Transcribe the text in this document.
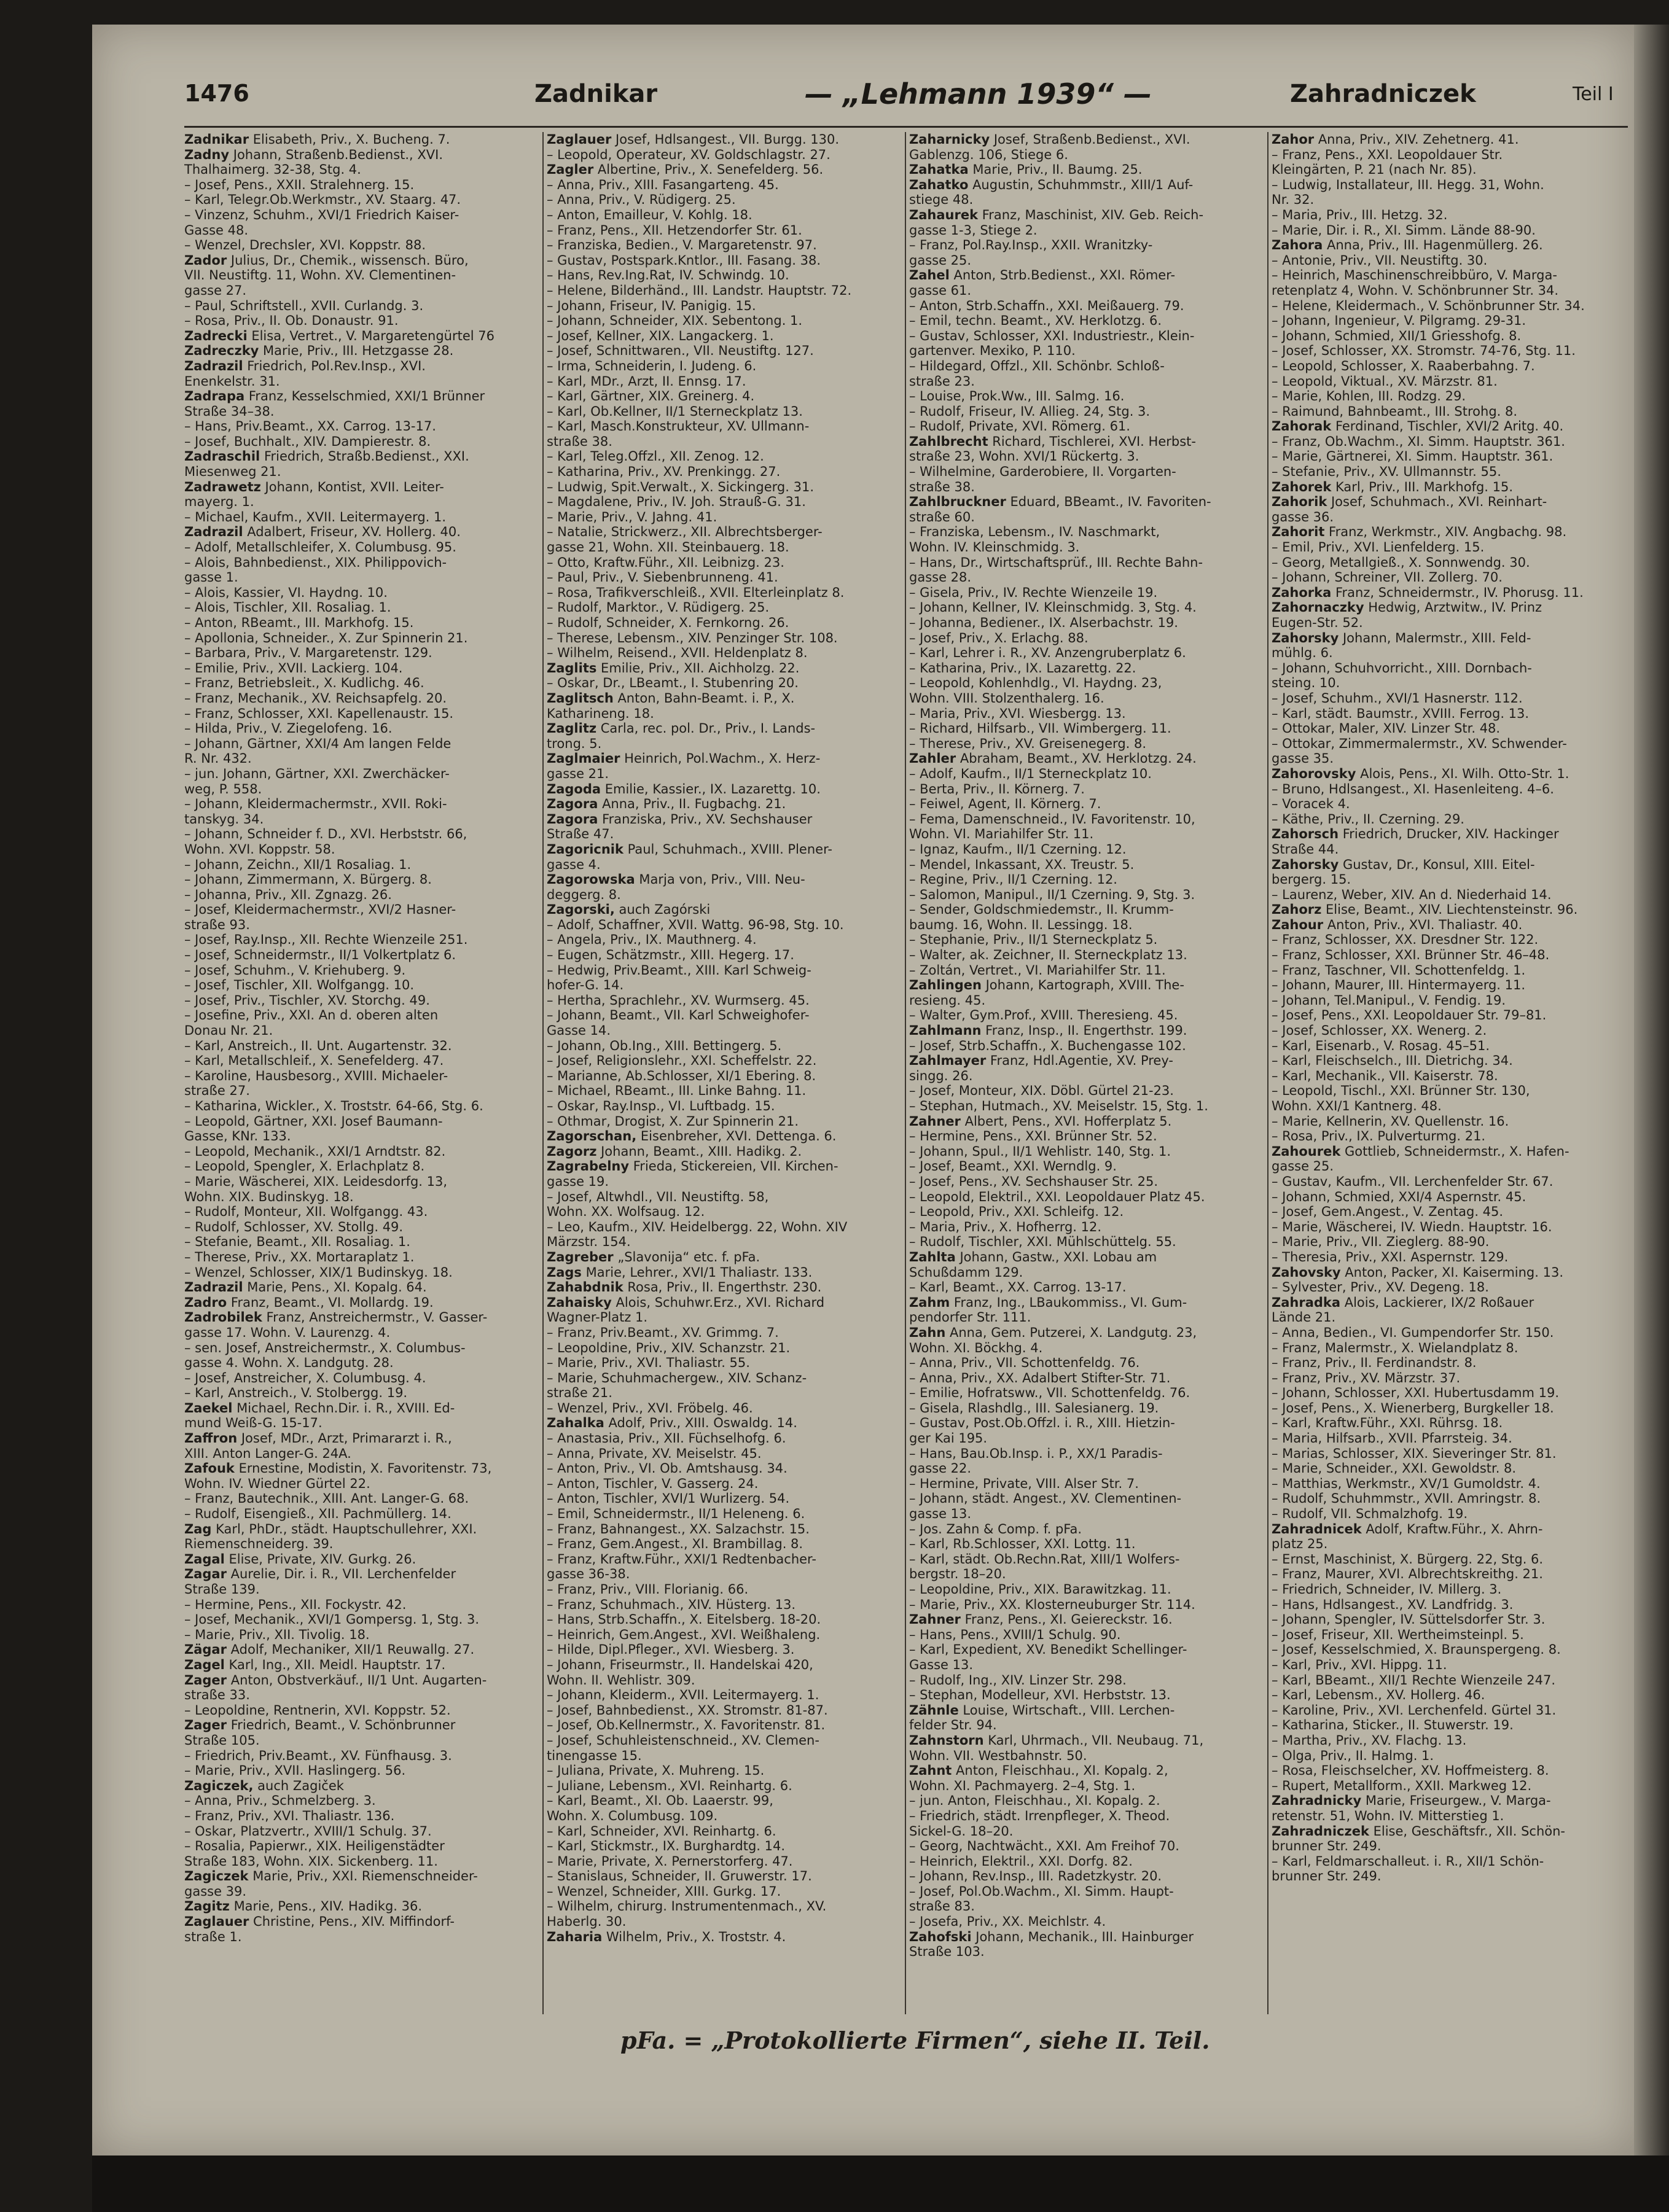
1476	Zadnikar	— „Lehmann 1939“ —	Zahradniczek	Teil I
Zadnikar Elisabeth, Priv., X. Bucheng. 7.
Zadny Johann, Straßenb.Bedienst., XVI.
Thalhaimerg. 32-38, Stg. 4.
– Josef, Pens., XXII. Stralehnerg. 15.
– Karl, Telegr.Ob.Werkmstr., XV. Staarg. 47.
– Vinzenz, Schuhm., XVI/1 Friedrich Kaiser-
Gasse 48.
– Wenzel, Drechsler, XVI. Koppstr. 88.
Zador Julius, Dr., Chemik., wissensch. Büro,
VII. Neustiftg. 11, Wohn. XV. Clementinen-
gasse 27.
– Paul, Schriftstell., XVII. Curlandg. 3.
– Rosa, Priv., II. Ob. Donaustr. 91.
Zadrecki Elisa, Vertret., V. Margaretengürtel 76
Zadreczky Marie, Priv., III. Hetzgasse 28.
Zadrazil Friedrich, Pol.Rev.Insp., XVI.
Enenkelstr. 31.
Zadrapa Franz, Kesselschmied, XXI/1 Brünner
Straße 34–38.
– Hans, Priv.Beamt., XX. Carrog. 13-17.
– Josef, Buchhalt., XIV. Dampierestr. 8.
Zadraschil Friedrich, Straßb.Bedienst., XXI.
Miesenweg 21.
Zadrawetz Johann, Kontist, XVII. Leiter-
mayerg. 1.
– Michael, Kaufm., XVII. Leitermayerg. 1.
Zadrazil Adalbert, Friseur, XV. Hollerg. 40.
– Adolf, Metallschleifer, X. Columbusg. 95.
– Alois, Bahnbedienst., XIX. Philippovich-
gasse 1.
– Alois, Kassier, VI. Haydng. 10.
– Alois, Tischler, XII. Rosaliag. 1.
– Anton, RBeamt., III. Markhofg. 15.
– Apollonia, Schneider., X. Zur Spinnerin 21.
– Barbara, Priv., V. Margaretenstr. 129.
– Emilie, Priv., XVII. Lackierg. 104.
– Franz, Betriebsleit., X. Kudlichg. 46.
– Franz, Mechanik., XV. Reichsapfelg. 20.
– Franz, Schlosser, XXI. Kapellenaustr. 15.
– Hilda, Priv., V. Ziegelofeng. 16.
– Johann, Gärtner, XXI/4 Am langen Felde
R. Nr. 432.
– jun. Johann, Gärtner, XXI. Zwerchäcker-
weg, P. 558.
– Johann, Kleidermachermstr., XVII. Roki-
tanskyg. 34.
– Johann, Schneider f. D., XVI. Herbststr. 66,
Wohn. XVI. Koppstr. 58.
– Johann, Zeichn., XII/1 Rosaliag. 1.
– Johann, Zimmermann, X. Bürgerg. 8.
– Johanna, Priv., XII. Zgnazg. 26.
– Josef, Kleidermachermstr., XVI/2 Hasner-
straße 93.
– Josef, Ray.Insp., XII. Rechte Wienzeile 251.
– Josef, Schneidermstr., II/1 Volkertplatz 6.
– Josef, Schuhm., V. Kriehuberg. 9.
– Josef, Tischler, XII. Wolfgangg. 10.
– Josef, Priv., Tischler, XV. Storchg. 49.
– Josefine, Priv., XXI. An d. oberen alten
Donau Nr. 21.
– Karl, Anstreich., II. Unt. Augartenstr. 32.
– Karl, Metallschleif., X. Senefelderg. 47.
– Karoline, Hausbesorg., XVIII. Michaeler-
straße 27.
– Katharina, Wickler., X. Troststr. 64-66, Stg. 6.
– Leopold, Gärtner, XXI. Josef Baumann-
Gasse, KNr. 133.
– Leopold, Mechanik., XXI/1 Arndtstr. 82.
– Leopold, Spengler, X. Erlachplatz 8.
– Marie, Wäscherei, XIX. Leidesdorfg. 13,
Wohn. XIX. Budinskyg. 18.
– Rudolf, Monteur, XII. Wolfgangg. 43.
– Rudolf, Schlosser, XV. Stollg. 49.
– Stefanie, Beamt., XII. Rosaliag. 1.
– Therese, Priv., XX. Mortaraplatz 1.
– Wenzel, Schlosser, XIX/1 Budinskyg. 18.
Zadrazil Marie, Pens., XI. Kopalg. 64.
Zadro Franz, Beamt., VI. Mollardg. 19.
Zadrobilek Franz, Anstreichermstr., V. Gasser-
gasse 17. Wohn. V. Laurenzg. 4.
– sen. Josef, Anstreichermstr., X. Columbus-
gasse 4. Wohn. X. Landgutg. 28.
– Josef, Anstreicher, X. Columbusg. 4.
– Karl, Anstreich., V. Stolbergg. 19.
Zaekel Michael, Rechn.Dir. i. R., XVIII. Ed-
mund Weiß-G. 15-17.
Zaffron Josef, MDr., Arzt, Primararzt i. R.,
XIII. Anton Langer-G. 24A.
Zafouk Ernestine, Modistin, X. Favoritenstr. 73,
Wohn. IV. Wiedner Gürtel 22.
– Franz, Bautechnik., XIII. Ant. Langer-G. 68.
– Rudolf, Eisengieß., XII. Pachmüllerg. 14.
Zag Karl, PhDr., städt. Hauptschullehrer, XXI.
Riemenschneiderg. 39.
Zagal Elise, Private, XIV. Gurkg. 26.
Zagar Aurelie, Dir. i. R., VII. Lerchenfelder
Straße 139.
– Hermine, Pens., XII. Fockystr. 42.
– Josef, Mechanik., XVI/1 Gompersg. 1, Stg. 3.
– Marie, Priv., XII. Tivolig. 18.
Zägar Adolf, Mechaniker, XII/1 Reuwallg. 27.
Zagel Karl, Ing., XII. Meidl. Hauptstr. 17.
Zager Anton, Obstverkäuf., II/1 Unt. Augarten-
straße 33.
– Leopoldine, Rentnerin, XVI. Koppstr. 52.
Zager Friedrich, Beamt., V. Schönbrunner
Straße 105.
– Friedrich, Priv.Beamt., XV. Fünfhausg. 3.
– Marie, Priv., XVII. Haslingerg. 56.
Zagiczek, auch Zagiček
– Anna, Priv., Schmelzberg. 3.
– Franz, Priv., XVI. Thaliastr. 136.
– Oskar, Platzvertr., XVIII/1 Schulg. 37.
– Rosalia, Papierwr., XIX. Heiligenstädter
Straße 183, Wohn. XIX. Sickenberg. 11.
Zagiczek Marie, Priv., XXI. Riemenschneider-
gasse 39.
Zagitz Marie, Pens., XIV. Hadikg. 36.
Zaglauer Christine, Pens., XIV. Miffindorf-
straße 1.
Zaglauer Josef, Hdlsangest., VII. Burgg. 130.
– Leopold, Operateur, XV. Goldschlagstr. 27.
Zagler Albertine, Priv., X. Senefelderg. 56.
– Anna, Priv., XIII. Fasangarteng. 45.
– Anna, Priv., V. Rüdigerg. 25.
– Anton, Emailleur, V. Kohlg. 18.
– Franz, Pens., XII. Hetzendorfer Str. 61.
– Franziska, Bedien., V. Margaretenstr. 97.
– Gustav, Postspark.Kntlor., III. Fasang. 38.
– Hans, Rev.Ing.Rat, IV. Schwindg. 10.
– Helene, Bilderhänd., III. Landstr. Hauptstr. 72.
– Johann, Friseur, IV. Panigig. 15.
– Johann, Schneider, XIX. Sebentong. 1.
– Josef, Kellner, XIX. Langackerg. 1.
– Josef, Schnittwaren., VII. Neustiftg. 127.
– Irma, Schneiderin, I. Judeng. 6.
– Karl, MDr., Arzt, II. Ennsg. 17.
– Karl, Gärtner, XIX. Greinerg. 4.
– Karl, Ob.Kellner, II/1 Sterneckplatz 13.
– Karl, Masch.Konstrukteur, XV. Ullmann-
straße 38.
– Karl, Teleg.Offzl., XII. Zenog. 12.
– Katharina, Priv., XV. Prenkingg. 27.
– Ludwig, Spit.Verwalt., X. Sickingerg. 31.
– Magdalene, Priv., IV. Joh. Strauß-G. 31.
– Marie, Priv., V. Jahng. 41.
– Natalie, Strickwerz., XII. Albrechtsberger-
gasse 21, Wohn. XII. Steinbauerg. 18.
– Otto, Kraftw.Führ., XII. Leibnizg. 23.
– Paul, Priv., V. Siebenbrunneng. 41.
– Rosa, Trafikverschleiß., XVII. Elterleinplatz 8.
– Rudolf, Marktor., V. Rüdigerg. 25.
– Rudolf, Schneider, X. Fernkorng. 26.
– Therese, Lebensm., XIV. Penzinger Str. 108.
– Wilhelm, Reisend., XVII. Heldenplatz 8.
Zaglits Emilie, Priv., XII. Aichholzg. 22.
– Oskar, Dr., LBeamt., I. Stubenring 20.
Zaglitsch Anton, Bahn-Beamt. i. P., X.
Katharineng. 18.
Zaglitz Carla, rec. pol. Dr., Priv., I. Lands-
trong. 5.
Zaglmaier Heinrich, Pol.Wachm., X. Herz-
gasse 21.
Zagoda Emilie, Kassier., IX. Lazarettg. 10.
Zagora Anna, Priv., II. Fugbachg. 21.
Zagora Franziska, Priv., XV. Sechshauser
Straße 47.
Zagoricnik Paul, Schuhmach., XVIII. Plener-
gasse 4.
Zagorowska Marja von, Priv., VIII. Neu-
deggerg. 8.
Zagorski, auch Zagórski
– Adolf, Schaffner, XVII. Wattg. 96-98, Stg. 10.
– Angela, Priv., IX. Mauthnerg. 4.
– Eugen, Schätzmstr., XIII. Hegerg. 17.
– Hedwig, Priv.Beamt., XIII. Karl Schweig-
hofer-G. 14.
– Hertha, Sprachlehr., XV. Wurmserg. 45.
– Johann, Beamt., VII. Karl Schweighofer-
Gasse 14.
– Johann, Ob.Ing., XIII. Bettingerg. 5.
– Josef, Religionslehr., XXI. Scheffelstr. 22.
– Marianne, Ab.Schlosser, XI/1 Ebering. 8.
– Michael, RBeamt., III. Linke Bahng. 11.
– Oskar, Ray.Insp., VI. Luftbadg. 15.
– Othmar, Drogist, X. Zur Spinnerin 21.
Zagorschan, Eisenbreher, XVI. Dettenga. 6.
Zagorz Johann, Beamt., XIII. Hadikg. 2.
Zagrabelny Frieda, Stickereien, VII. Kirchen-
gasse 19.
– Josef, Altwhdl., VII. Neustiftg. 58,
Wohn. XX. Wolfsaug. 12.
– Leo, Kaufm., XIV. Heidelbergg. 22, Wohn. XIV
Märzstr. 154.
Zagreber „Slavonija“ etc. f. pFa.
Zags Marie, Lehrer., XVI/1 Thaliastr. 133.
Zahabdnik Rosa, Priv., II. Engerthstr. 230.
Zahaisky Alois, Schuhwr.Erz., XVI. Richard
Wagner-Platz 1.
– Franz, Priv.Beamt., XV. Grimmg. 7.
– Leopoldine, Priv., XIV. Schanzstr. 21.
– Marie, Priv., XVI. Thaliastr. 55.
– Marie, Schuhmachergew., XIV. Schanz-
straße 21.
– Wenzel, Priv., XVI. Fröbelg. 46.
Zahalka Adolf, Priv., XIII. Oswaldg. 14.
– Anastasia, Priv., XII. Füchselhofg. 6.
– Anna, Private, XV. Meiselstr. 45.
– Anton, Priv., VI. Ob. Amtshausg. 34.
– Anton, Tischler, V. Gasserg. 24.
– Anton, Tischler, XVI/1 Wurlizerg. 54.
– Emil, Schneidermstr., II/1 Heleneng. 6.
– Franz, Bahnangest., XX. Salzachstr. 15.
– Franz, Gem.Angest., XI. Brambillag. 8.
– Franz, Kraftw.Führ., XXI/1 Redtenbacher-
gasse 36-38.
– Franz, Priv., VIII. Florianig. 66.
– Franz, Schuhmach., XIV. Hüsterg. 13.
– Hans, Strb.Schaffn., X. Eitelsberg. 18-20.
– Heinrich, Gem.Angest., XVI. Weißhaleng.
– Hilde, Dipl.Pfleger., XVI. Wiesberg. 3.
– Johann, Friseurmstr., II. Handelskai 420,
Wohn. II. Wehlistr. 309.
– Johann, Kleiderm., XVII. Leitermayerg. 1.
– Josef, Bahnbedienst., XX. Stromstr. 81-87.
– Josef, Ob.Kellnermstr., X. Favoritenstr. 81.
– Josef, Schuhleistenschneid., XV. Clemen-
tinengasse 15.
– Juliana, Private, X. Muhreng. 15.
– Juliane, Lebensm., XVI. Reinhartg. 6.
– Karl, Beamt., XI. Ob. Laaerstr. 99,
Wohn. X. Columbusg. 109.
– Karl, Schneider, XVI. Reinhartg. 6.
– Karl, Stickmstr., IX. Burghardtg. 14.
– Marie, Private, X. Pernerstorferg. 47.
– Stanislaus, Schneider, II. Gruwerstr. 17.
– Wenzel, Schneider, XIII. Gurkg. 17.
– Wilhelm, chirurg. Instrumentenmach., XV.
Haberlg. 30.
Zaharia Wilhelm, Priv., X. Troststr. 4.
Zaharnicky Josef, Straßenb.Bedienst., XVI.
Gablenzg. 106, Stiege 6.
Zahatka Marie, Priv., II. Baumg. 25.
Zahatko Augustin, Schuhmmstr., XIII/1 Auf-
stiege 48.
Zahaurek Franz, Maschinist, XIV. Geb. Reich-
gasse 1-3, Stiege 2.
– Franz, Pol.Ray.Insp., XXII. Wranitzky-
gasse 25.
Zahel Anton, Strb.Bedienst., XXI. Römer-
gasse 61.
– Anton, Strb.Schaffn., XXI. Meißauerg. 79.
– Emil, techn. Beamt., XV. Herklotzg. 6.
– Gustav, Schlosser, XXI. Industriestr., Klein-
gartenver. Mexiko, P. 110.
– Hildegard, Offzl., XII. Schönbr. Schloß-
straße 23.
– Louise, Prok.Ww., III. Salmg. 16.
– Rudolf, Friseur, IV. Allieg. 24, Stg. 3.
– Rudolf, Private, XVI. Römerg. 61.
Zahlbrecht Richard, Tischlerei, XVI. Herbst-
straße 23, Wohn. XVI/1 Rückertg. 3.
– Wilhelmine, Garderobiere, II. Vorgarten-
straße 38.
Zahlbruckner Eduard, BBeamt., IV. Favoriten-
straße 60.
– Franziska, Lebensm., IV. Naschmarkt,
Wohn. IV. Kleinschmidg. 3.
– Hans, Dr., Wirtschaftsprüf., III. Rechte Bahn-
gasse 28.
– Gisela, Priv., IV. Rechte Wienzeile 19.
– Johann, Kellner, IV. Kleinschmidg. 3, Stg. 4.
– Johanna, Bediener., IX. Alserbachstr. 19.
– Josef, Priv., X. Erlachg. 88.
– Karl, Lehrer i. R., XV. Anzengruberplatz 6.
– Katharina, Priv., IX. Lazarettg. 22.
– Leopold, Kohlenhdlg., VI. Haydng. 23,
Wohn. VIII. Stolzenthalerg. 16.
– Maria, Priv., XVI. Wiesbergg. 13.
– Richard, Hilfsarb., VII. Wimbergerg. 11.
– Therese, Priv., XV. Greisenegerg. 8.
Zahler Abraham, Beamt., XV. Herklotzg. 24.
– Adolf, Kaufm., II/1 Sterneckplatz 10.
– Berta, Priv., II. Körnerg. 7.
– Feiwel, Agent, II. Körnerg. 7.
– Fema, Damenschneid., IV. Favoritenstr. 10,
Wohn. VI. Mariahilfer Str. 11.
– Ignaz, Kaufm., II/1 Czerning. 12.
– Mendel, Inkassant, XX. Treustr. 5.
– Regine, Priv., II/1 Czerning. 12.
– Salomon, Manipul., II/1 Czerning. 9, Stg. 3.
– Sender, Goldschmiedemstr., II. Krumm-
baumg. 16, Wohn. II. Lessingg. 18.
– Stephanie, Priv., II/1 Sterneckplatz 5.
– Walter, ak. Zeichner, II. Sterneckplatz 13.
– Zoltán, Vertret., VI. Mariahilfer Str. 11.
Zahlingen Johann, Kartograph, XVIII. The-
resieng. 45.
– Walter, Gym.Prof., XVIII. Theresieng. 45.
Zahlmann Franz, Insp., II. Engerthstr. 199.
– Josef, Strb.Schaffn., X. Buchengasse 102.
Zahlmayer Franz, Hdl.Agentie, XV. Prey-
singg. 26.
– Josef, Monteur, XIX. Döbl. Gürtel 21-23.
– Stephan, Hutmach., XV. Meiselstr. 15, Stg. 1.
Zahner Albert, Pens., XVI. Hofferplatz 5.
– Hermine, Pens., XXI. Brünner Str. 52.
– Johann, Spul., II/1 Wehlistr. 140, Stg. 1.
– Josef, Beamt., XXI. Werndlg. 9.
– Josef, Pens., XV. Sechshauser Str. 25.
– Leopold, Elektril., XXI. Leopoldauer Platz 45.
– Leopold, Priv., XXI. Schleifg. 12.
– Maria, Priv., X. Hofherrg. 12.
– Rudolf, Tischler, XXI. Mühlschüttelg. 55.
Zahlta Johann, Gastw., XXI. Lobau am
Schußdamm 129.
– Karl, Beamt., XX. Carrog. 13-17.
Zahm Franz, Ing., LBaukommiss., VI. Gum-
pendorfer Str. 111.
Zahn Anna, Gem. Putzerei, X. Landgutg. 23,
Wohn. XI. Böckhg. 4.
– Anna, Priv., VII. Schottenfeldg. 76.
– Anna, Priv., XX. Adalbert Stifter-Str. 71.
– Emilie, Hofratsww., VII. Schottenfeldg. 76.
– Gisela, Rlashdlg., III. Salesianerg. 19.
– Gustav, Post.Ob.Offzl. i. R., XIII. Hietzin-
ger Kai 195.
– Hans, Bau.Ob.Insp. i. P., XX/1 Paradis-
gasse 22.
– Hermine, Private, VIII. Alser Str. 7.
– Johann, städt. Angest., XV. Clementinen-
gasse 13.
– Jos. Zahn & Comp. f. pFa.
– Karl, Rb.Schlosser, XXI. Lottg. 11.
– Karl, städt. Ob.Rechn.Rat, XIII/1 Wolfers-
bergstr. 18–20.
– Leopoldine, Priv., XIX. Barawitzkag. 11.
– Marie, Priv., XX. Klosterneuburger Str. 114.
Zahner Franz, Pens., XI. Geiereckstr. 16.
– Hans, Pens., XVIII/1 Schulg. 90.
– Karl, Expedient, XV. Benedikt Schellinger-
Gasse 13.
– Rudolf, Ing., XIV. Linzer Str. 298.
– Stephan, Modelleur, XVI. Herbststr. 13.
Zähnle Louise, Wirtschaft., VIII. Lerchen-
felder Str. 94.
Zahnstorn Karl, Uhrmach., VII. Neubaug. 71,
Wohn. VII. Westbahnstr. 50.
Zahnt Anton, Fleischhau., XI. Kopalg. 2,
Wohn. XI. Pachmayerg. 2–4, Stg. 1.
– jun. Anton, Fleischhau., XI. Kopalg. 2.
– Friedrich, städt. Irrenpfleger, X. Theod.
Sickel-G. 18–20.
– Georg, Nachtwächt., XXI. Am Freihof 70.
– Heinrich, Elektril., XXI. Dorfg. 82.
– Johann, Rev.Insp., III. Radetzkystr. 20.
– Josef, Pol.Ob.Wachm., XI. Simm. Haupt-
straße 83.
– Josefa, Priv., XX. Meichlstr. 4.
Zahofski Johann, Mechanik., III. Hainburger
Straße 103.
Zahor Anna, Priv., XIV. Zehetnerg. 41.
– Franz, Pens., XXI. Leopoldauer Str.
Kleingärten, P. 21 (nach Nr. 85).
– Ludwig, Installateur, III. Hegg. 31, Wohn.
Nr. 32.
– Maria, Priv., III. Hetzg. 32.
– Marie, Dir. i. R., XI. Simm. Lände 88-90.
Zahora Anna, Priv., III. Hagenmüllerg. 26.
– Antonie, Priv., VII. Neustiftg. 30.
– Heinrich, Maschinenschreibbüro, V. Marga-
retenplatz 4, Wohn. V. Schönbrunner Str. 34.
– Helene, Kleidermach., V. Schönbrunner Str. 34.
– Johann, Ingenieur, V. Pilgramg. 29-31.
– Johann, Schmied, XII/1 Griesshofg. 8.
– Josef, Schlosser, XX. Stromstr. 74-76, Stg. 11.
– Leopold, Schlosser, X. Raaberbahng. 7.
– Leopold, Viktual., XV. Märzstr. 81.
– Marie, Kohlen, III. Rodzg. 29.
– Raimund, Bahnbeamt., III. Strohg. 8.
Zahorak Ferdinand, Tischler, XVI/2 Aritg. 40.
– Franz, Ob.Wachm., XI. Simm. Hauptstr. 361.
– Marie, Gärtnerei, XI. Simm. Hauptstr. 361.
– Stefanie, Priv., XV. Ullmannstr. 55.
Zahorek Karl, Priv., III. Markhofg. 15.
Zahorik Josef, Schuhmach., XVI. Reinhart-
gasse 36.
Zahorit Franz, Werkmstr., XIV. Angbachg. 98.
– Emil, Priv., XVI. Lienfelderg. 15.
– Georg, Metallgieß., X. Sonnwendg. 30.
– Johann, Schreiner, VII. Zollerg. 70.
Zahorka Franz, Schneidermstr., IV. Phorusg. 11.
Zahornaczky Hedwig, Arztwitw., IV. Prinz
Eugen-Str. 52.
Zahorsky Johann, Malermstr., XIII. Feld-
mühlg. 6.
– Johann, Schuhvorricht., XIII. Dornbach-
steing. 10.
– Josef, Schuhm., XVI/1 Hasnerstr. 112.
– Karl, städt. Baumstr., XVIII. Ferrog. 13.
– Ottokar, Maler, XIV. Linzer Str. 48.
– Ottokar, Zimmermalermstr., XV. Schwender-
gasse 35.
Zahorovsky Alois, Pens., XI. Wilh. Otto-Str. 1.
– Bruno, Hdlsangest., XI. Hasenleiteng. 4–6.
– Voracek 4.
– Käthe, Priv., II. Czerning. 29.
Zahorsch Friedrich, Drucker, XIV. Hackinger
Straße 44.
Zahorsky Gustav, Dr., Konsul, XIII. Eitel-
bergerg. 15.
– Laurenz, Weber, XIV. An d. Niederhaid 14.
Zahorz Elise, Beamt., XIV. Liechtensteinstr. 96.
Zahour Anton, Priv., XVI. Thaliastr. 40.
– Franz, Schlosser, XX. Dresdner Str. 122.
– Franz, Schlosser, XXI. Brünner Str. 46–48.
– Franz, Taschner, VII. Schottenfeldg. 1.
– Johann, Maurer, III. Hintermayerg. 11.
– Johann, Tel.Manipul., V. Fendig. 19.
– Josef, Pens., XXI. Leopoldauer Str. 79–81.
– Josef, Schlosser, XX. Wenerg. 2.
– Karl, Eisenarb., V. Rosag. 45–51.
– Karl, Fleischselch., III. Dietrichg. 34.
– Karl, Mechanik., VII. Kaiserstr. 78.
– Leopold, Tischl., XXI. Brünner Str. 130,
Wohn. XXI/1 Kantnerg. 48.
– Marie, Kellnerin, XV. Quellenstr. 16.
– Rosa, Priv., IX. Pulverturmg. 21.
Zahourek Gottlieb, Schneidermstr., X. Hafen-
gasse 25.
– Gustav, Kaufm., VII. Lerchenfelder Str. 67.
– Johann, Schmied, XXI/4 Aspernstr. 45.
– Josef, Gem.Angest., V. Zentag. 45.
– Marie, Wäscherei, IV. Wiedn. Hauptstr. 16.
– Marie, Priv., VII. Zieglerg. 88-90.
– Theresia, Priv., XXI. Aspernstr. 129.
Zahovsky Anton, Packer, XI. Kaiserming. 13.
– Sylvester, Priv., XV. Degeng. 18.
Zahradka Alois, Lackierer, IX/2 Roßauer
Lände 21.
– Anna, Bedien., VI. Gumpendorfer Str. 150.
– Franz, Malermstr., X. Wielandplatz 8.
– Franz, Priv., II. Ferdinandstr. 8.
– Franz, Priv., XV. Märzstr. 37.
– Johann, Schlosser, XXI. Hubertusdamm 19.
– Josef, Pens., X. Wienerberg, Burgkeller 18.
– Karl, Kraftw.Führ., XXI. Rührsg. 18.
– Maria, Hilfsarb., XVII. Pfarrsteig. 34.
– Marias, Schlosser, XIX. Sieveringer Str. 81.
– Marie, Schneider., XXI. Gewoldstr. 8.
– Matthias, Werkmstr., XV/1 Gumoldstr. 4.
– Rudolf, Schuhmmstr., XVII. Amringstr. 8.
– Rudolf, VII. Schmalzhofg. 19.
Zahradnicek Adolf, Kraftw.Führ., X. Ahrn-
platz 25.
– Ernst, Maschinist, X. Bürgerg. 22, Stg. 6.
– Franz, Maurer, XVI. Albrechtskreithg. 21.
– Friedrich, Schneider, IV. Millerg. 3.
– Hans, Hdlsangest., XV. Landfridg. 3.
– Johann, Spengler, IV. Süttelsdorfer Str. 3.
– Josef, Friseur, XII. Wertheimsteinpl. 5.
– Josef, Kesselschmied, X. Braunspergeng. 8.
– Karl, Priv., XVI. Hippg. 11.
– Karl, BBeamt., XII/1 Rechte Wienzeile 247.
– Karl, Lebensm., XV. Hollerg. 46.
– Karoline, Priv., XVI. Lerchenfeld. Gürtel 31.
– Katharina, Sticker., II. Stuwerstr. 19.
– Martha, Priv., XV. Flachg. 13.
– Olga, Priv., II. Halmg. 1.
– Rosa, Fleischselcher, XV. Hoffmeisterg. 8.
– Rupert, Metallform., XXII. Markweg 12.
Zahradnicky Marie, Friseurgew., V. Marga-
retenstr. 51, Wohn. IV. Mitterstieg 1.
Zahradniczek Elise, Geschäftsfr., XII. Schön-
brunner Str. 249.
– Karl, Feldmarschalleut. i. R., XII/1 Schön-
brunner Str. 249.
pFa. = „Protokollierte Firmen“, siehe II. Teil.
